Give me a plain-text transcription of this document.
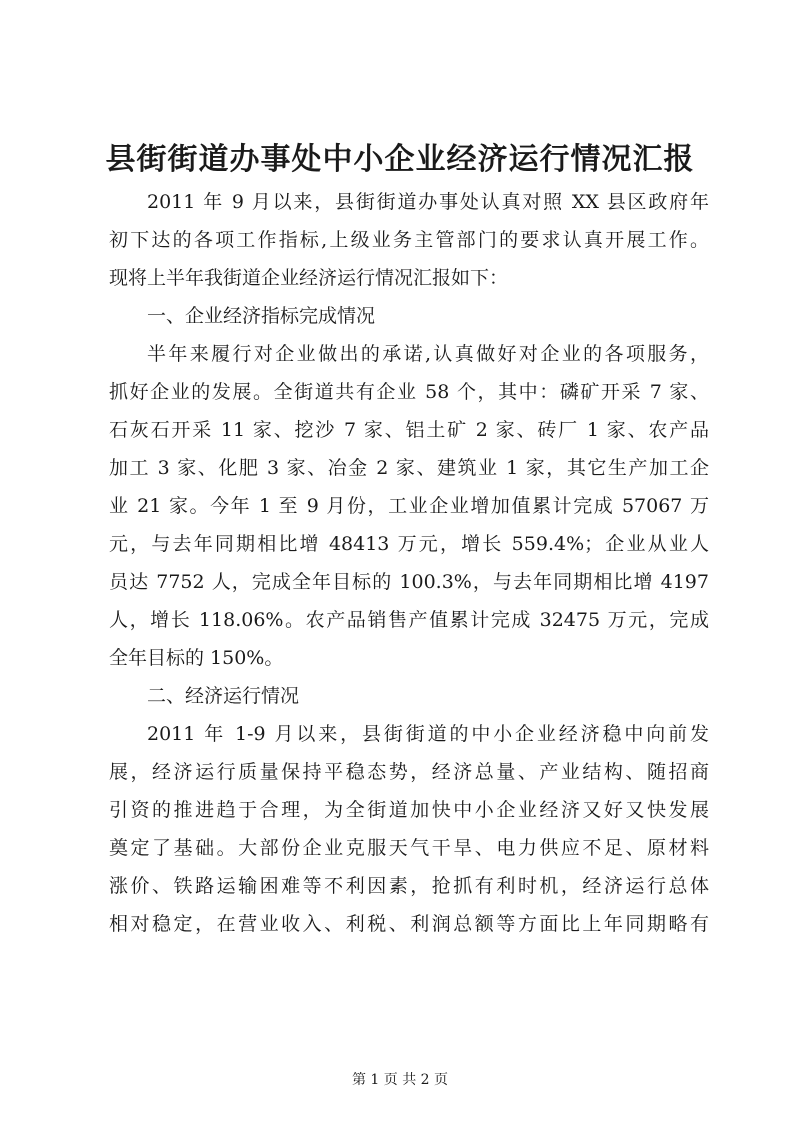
县街街道办事处中小企业经济运行情况汇报
2011 年 9 月以来，县街街道办事处认真对照 XX 县区政府年
初下达的各项工作指标,上级业务主管部门的要求认真开展工作。
现将上半年我街道企业经济运行情况汇报如下：
一、企业经济指标完成情况
半年来履行对企业做出的承诺,认真做好对企业的各项服务，
抓好企业的发展。全街道共有企业 58 个，其中：磷矿开采 7 家、
石灰石开采 11 家、挖沙 7 家、铝土矿 2 家、砖厂 1 家、农产品
加工 3 家、化肥 3 家、冶金 2 家、建筑业 1 家，其它生产加工企
业 21 家。今年 1 至 9 月份，工业企业增加值累计完成 57067 万
元，与去年同期相比增 48413 万元，增长 559.4%；企业从业人
员达 7752 人，完成全年目标的 100.3%，与去年同期相比增 4197
人，增长 118.06%。农产品销售产值累计完成 32475 万元，完成
全年目标的 150%。
二、经济运行情况
2011 年 1-9 月以来，县街街道的中小企业经济稳中向前发
展，经济运行质量保持平稳态势，经济总量、产业结构、随招商
引资的推进趋于合理，为全街道加快中小企业经济又好又快发展
奠定了基础。大部份企业克服天气干旱、电力供应不足、原材料
涨价、铁路运输困难等不利因素，抢抓有利时机，经济运行总体
相对稳定，在营业收入、利税、利润总额等方面比上年同期略有
第 1 页 共 2 页
